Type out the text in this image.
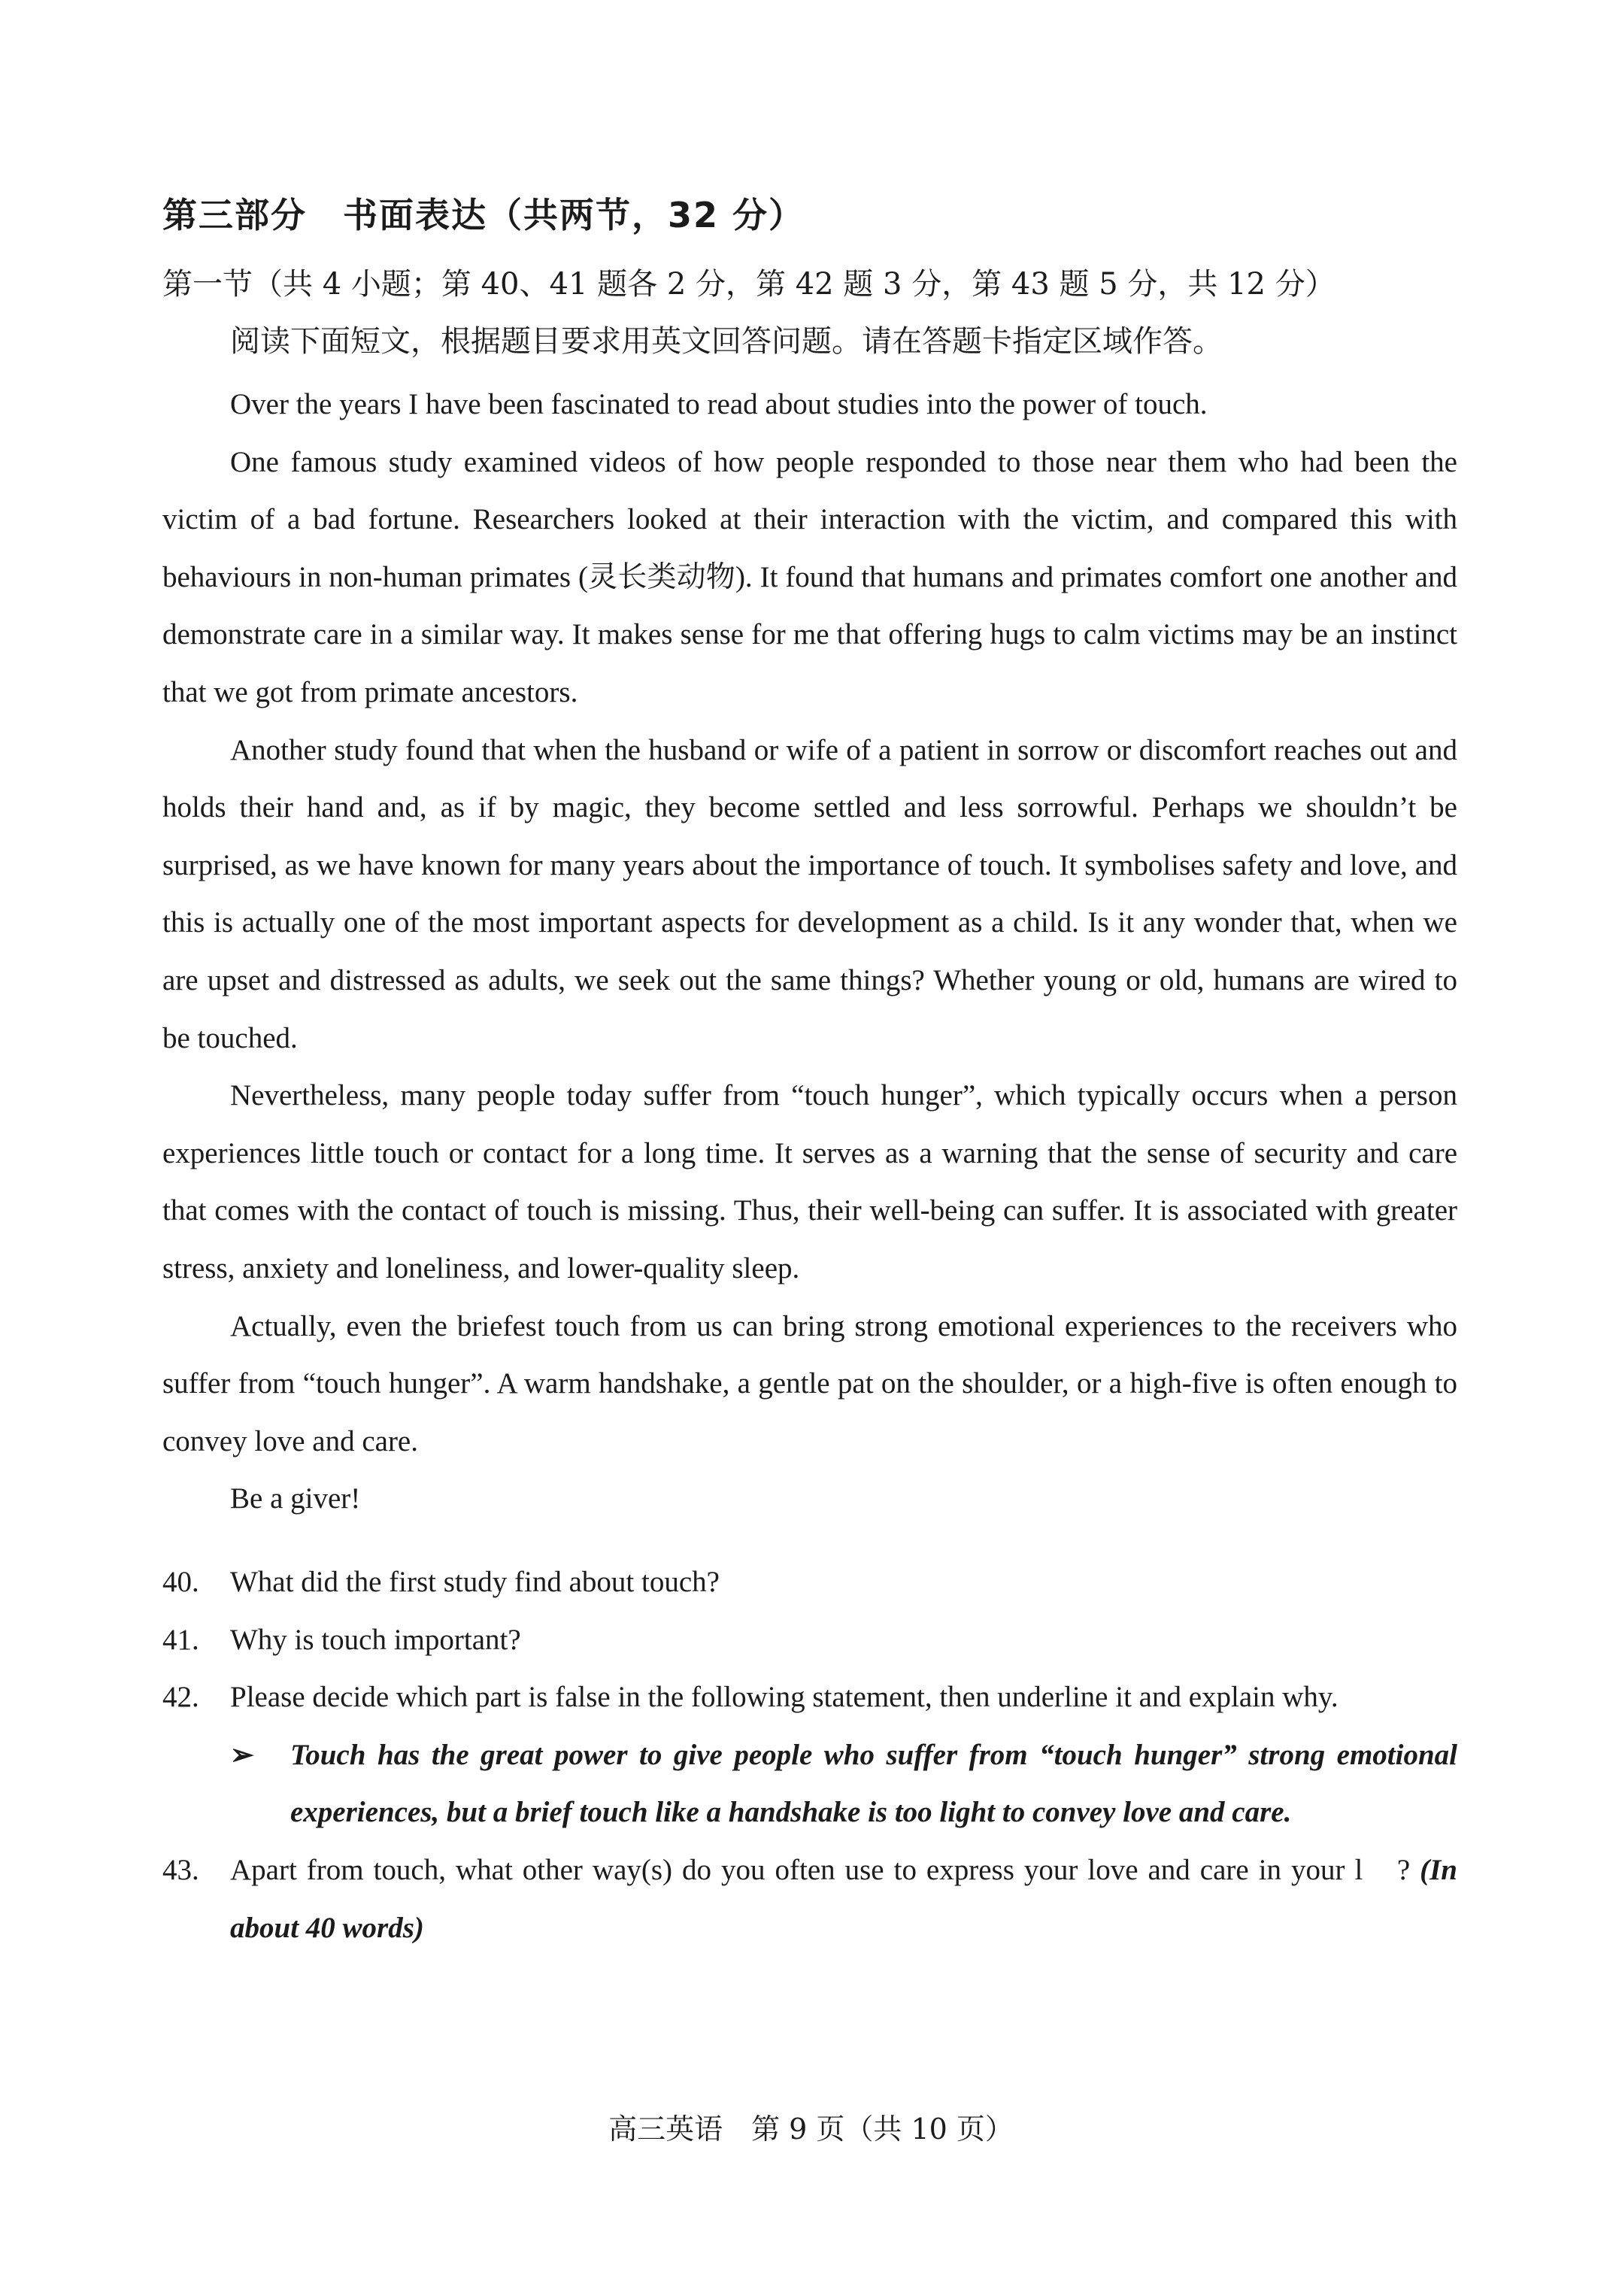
第三部分　书面表达（共两节，32 分）
第一节（共 4 小题；第 40、41 题各 2 分，第 42 题 3 分，第 43 题 5 分，共 12 分）
阅读下面短文，根据题目要求用英文回答问题。请在答题卡指定区域作答。

Over the years I have been fascinated to read about studies into the power of touch.

One famous study examined videos of how people responded to those near them who had been the victim of a bad fortune. Researchers looked at their interaction with the victim, and compared this with behaviours in non-human primates (灵长类动物). It found that humans and primates comfort one another and demonstrate care in a similar way. It makes sense for me that offering hugs to calm victims may be an instinct that we got from primate ancestors.

Another study found that when the husband or wife of a patient in sorrow or discomfort reaches out and holds their hand and, as if by magic, they become settled and less sorrowful. Perhaps we shouldn’t be surprised, as we have known for many years about the importance of touch. It symbolises safety and love, and this is actually one of the most important aspects for development as a child. Is it any wonder that, when we are upset and distressed as adults, we seek out the same things? Whether young or old, humans are wired to be touched.

Nevertheless, many people today suffer from “touch hunger”, which typically occurs when a person experiences little touch or contact for a long time. It serves as a warning that the sense of security and care that comes with the contact of touch is missing. Thus, their well-being can suffer. It is associated with greater stress, anxiety and loneliness, and lower-quality sleep.

Actually, even the briefest touch from us can bring strong emotional experiences to the receivers who suffer from “touch hunger”. A warm handshake, a gentle pat on the shoulder, or a high-five is often enough to convey love and care.

Be a giver!

40.	What did the first study find about touch?
41.	Why is touch important?
42.	Please decide which part is false in the following statement, then underline it and explain why.
➢	Touch has the great power to give people who suffer from “touch hunger” strong emotional experiences, but a brief touch like a handshake is too light to convey love and care.
43.	Apart from touch, what other way(s) do you often use to express your love and care in your l　? (In about 40 words)
高三英语　第 9 页（共 10 页）
